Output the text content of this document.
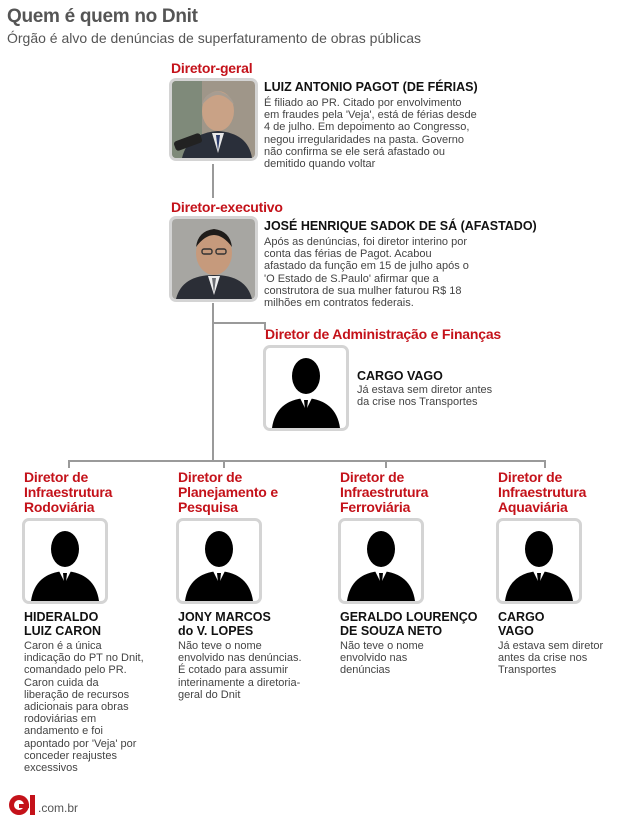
Quem é quem no Dnit
Órgão é alvo de denúncias de superfaturamento de obras públicas
Diretor-geral
LUIZ ANTONIO PAGOT (DE FÉRIAS)
É filiado ao PR. Citado por envolvimento em fraudes pela 'Veja', está de férias desde 4 de julho. Em depoimento ao Congresso, negou irregularidades na pasta. Governo não confirma se ele será afastado ou demitido quando voltar
Diretor-executivo
JOSÉ HENRIQUE SADOK DE SÁ (AFASTADO)
Após as denúncias, foi diretor interino por conta das férias de Pagot. Acabou afastado da função em 15 de julho após o 'O Estado de S.Paulo' afirmar que a construtora de sua mulher faturou R$ 18 milhões em contratos federais.
Diretor de Administração e Finanças
CARGO VAGO
Já estava sem diretor antes da crise nos Transportes
Diretor de
Infraestrutura
Rodoviária
HIDERALDO
LUIZ CARON
Caron é a única indicação do PT no Dnit, comandado pelo PR. Caron cuida da liberação de recursos adicionais para obras rodoviárias em andamento e foi apontado por 'Veja' por conceder reajustes excessivos
Diretor de
Planejamento e
Pesquisa
JONY MARCOS
do V. LOPES
Não teve o nome envolvido nas denúncias. É cotado para assumir interinamente a diretoria-geral do Dnit
Diretor de
Infraestrutura
Ferroviária
GERALDO LOURENÇO
DE SOUZA NETO
Não teve o nome envolvido nas denúncias
Diretor de
Infraestrutura
Aquaviária
CARGO
VAGO
Já estava sem diretor antes da crise nos Transportes
.com.br
